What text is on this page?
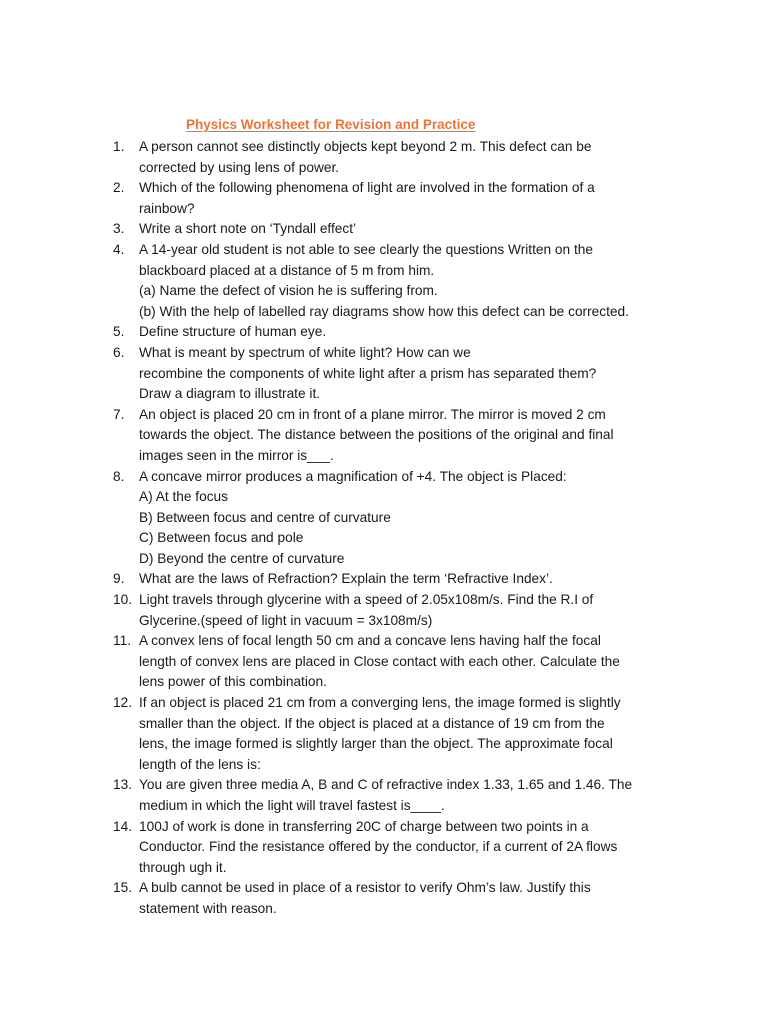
Physics Worksheet for Revision and Practice
1. A person cannot see distinctly objects kept beyond 2 m. This defect can be
corrected by using lens of power.
2. Which of the following phenomena of light are involved in the formation of a
rainbow?
3. Write a short note on ‘Tyndall effect’
4. A 14-year old student is not able to see clearly the questions Written on the
blackboard placed at a distance of 5 m from him.
(a) Name the defect of vision he is suffering from.
(b) With the help of labelled ray diagrams show how this defect can be corrected.
5. Define structure of human eye.
6. What is meant by spectrum of white light? How can we
recombine the components of white light after a prism has separated them?
Draw a diagram to illustrate it.
7. An object is placed 20 cm in front of a plane mirror. The mirror is moved 2 cm
towards the object. The distance between the positions of the original and final
images seen in the mirror is___.
8. A concave mirror produces a magnification of +4. The object is Placed:
A) At the focus
B) Between focus and centre of curvature
C) Between focus and pole
D) Beyond the centre of curvature
9. What are the laws of Refraction? Explain the term ‘Refractive Index’.
10. Light travels through glycerine with a speed of 2.05x108m/s. Find the R.I of
Glycerine.(speed of light in vacuum = 3x108m/s)
11. A convex lens of focal length 50 cm and a concave lens having half the focal
length of convex lens are placed in Close contact with each other. Calculate the
lens power of this combination.
12. If an object is placed 21 cm from a converging lens, the image formed is slightly
smaller than the object. If the object is placed at a distance of 19 cm from the
lens, the image formed is slightly larger than the object. The approximate focal
length of the lens is:
13. You are given three media A, B and C of refractive index 1.33, 1.65 and 1.46. The
medium in which the light will travel fastest is____.
14. 100J of work is done in transferring 20C of charge between two points in a
Conductor. Find the resistance offered by the conductor, if a current of 2A flows
through ugh it.
15. A bulb cannot be used in place of a resistor to verify Ohm’s law. Justify this
statement with reason.
